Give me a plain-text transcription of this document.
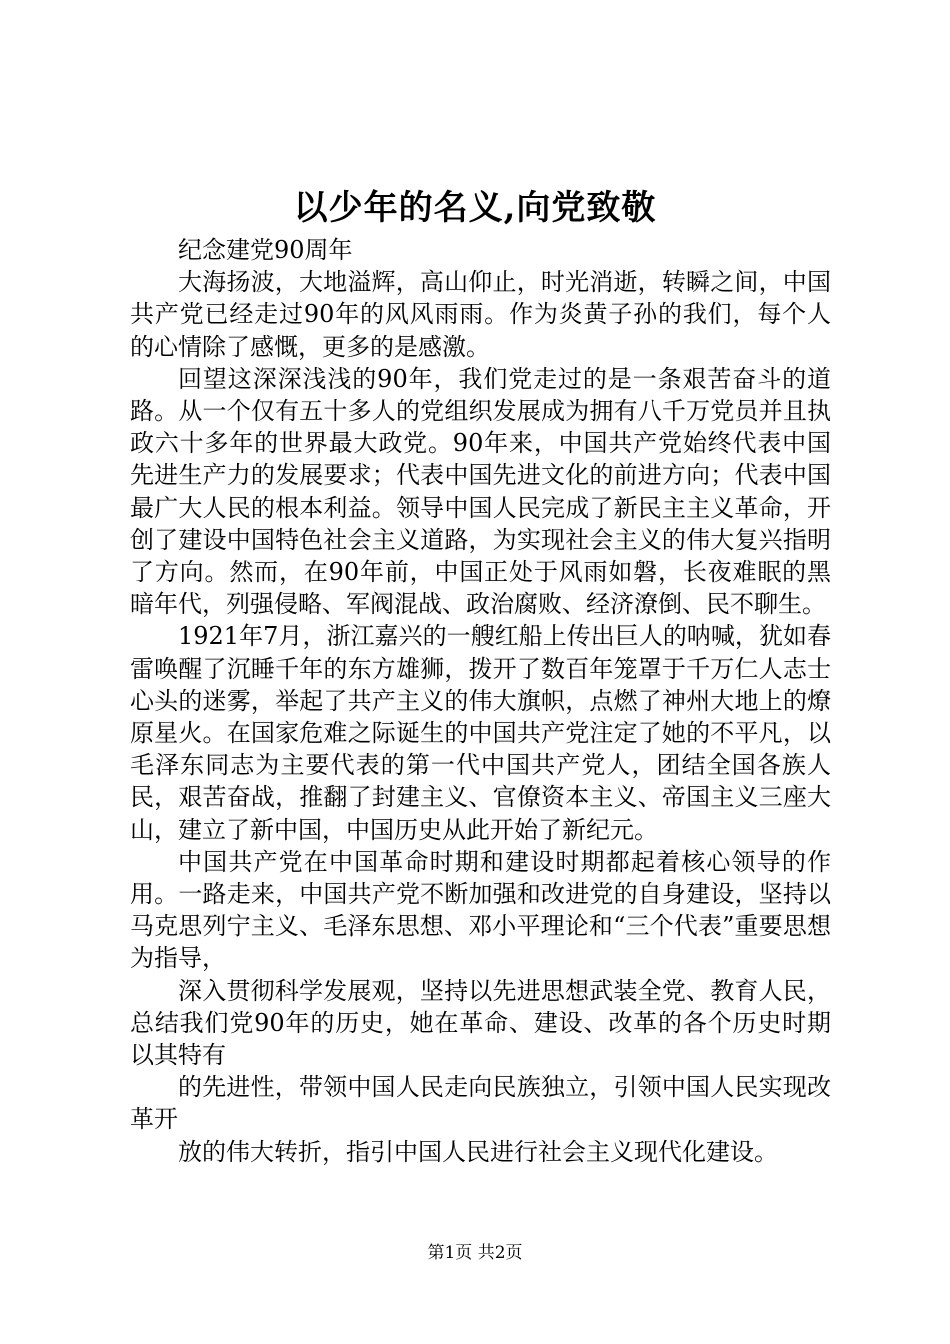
以少年的名义,向党致敬

纪念建党90周年

大海扬波，大地溢辉，高山仰止，时光消逝，转瞬之间，中国共产党已经走过90年的风风雨雨。作为炎黄子孙的我们，每个人的心情除了感慨，更多的是感激。

回望这深深浅浅的90年，我们党走过的是一条艰苦奋斗的道路。从一个仅有五十多人的党组织发展成为拥有八千万党员并且执政六十多年的世界最大政党。90年来，中国共产党始终代表中国先进生产力的发展要求；代表中国先进文化的前进方向；代表中国最广大人民的根本利益。领导中国人民完成了新民主主义革命，开创了建设中国特色社会主义道路，为实现社会主义的伟大复兴指明了方向。然而，在90年前，中国正处于风雨如磐，长夜难眠的黑暗年代，列强侵略、军阀混战、政治腐败、经济潦倒、民不聊生。

1921年7月，浙江嘉兴的一艘红船上传出巨人的呐喊，犹如春雷唤醒了沉睡千年的东方雄狮，拨开了数百年笼罩于千万仁人志士心头的迷雾，举起了共产主义的伟大旗帜，点燃了神州大地上的燎原星火。在国家危难之际诞生的中国共产党注定了她的不平凡，以毛泽东同志为主要代表的第一代中国共产党人，团结全国各族人民，艰苦奋战，推翻了封建主义、官僚资本主义、帝国主义三座大山，建立了新中国，中国历史从此开始了新纪元。

中国共产党在中国革命时期和建设时期都起着核心领导的作用。一路走来，中国共产党不断加强和改进党的自身建设，坚持以马克思列宁主义、毛泽东思想、邓小平理论和“三个代表”重要思想为指导，

深入贯彻科学发展观，坚持以先进思想武装全党、教育人民，总结我们党90年的历史，她在革命、建设、改革的各个历史时期以其特有

的先进性，带领中国人民走向民族独立，引领中国人民实现改革开

放的伟大转折，指引中国人民进行社会主义现代化建设。

第1页 共2页
